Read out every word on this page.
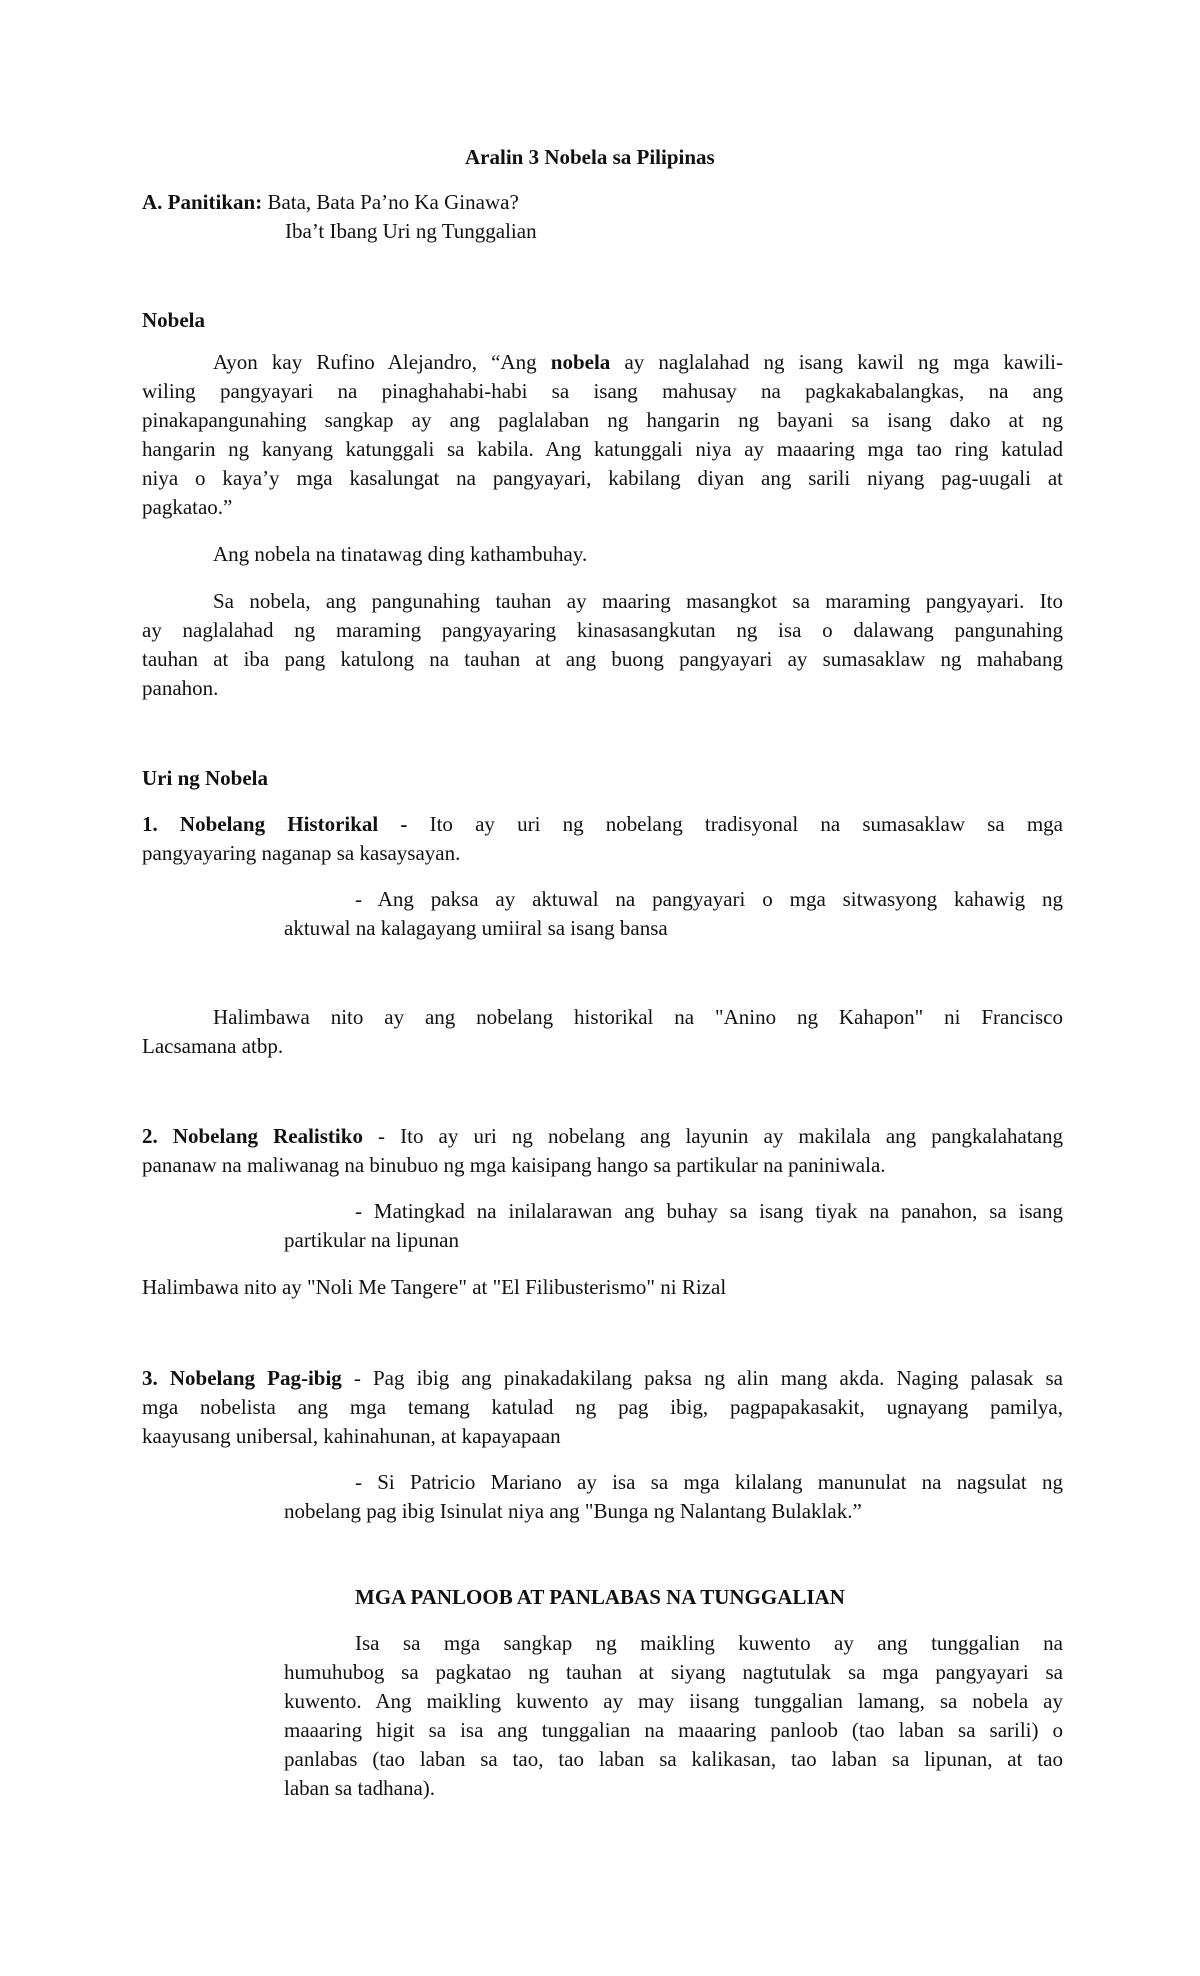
Aralin 3 Nobela sa Pilipinas
A. Panitikan: Bata, Bata Pa’no Ka Ginawa?
Iba’t Ibang Uri ng Tunggalian
Nobela
Ayon kay Rufino Alejandro, “Ang nobela ay naglalahad ng isang kawil ng mga kawili-
wiling pangyayari na pinaghahabi-habi sa isang mahusay na pagkakabalangkas, na ang
pinakapangunahing sangkap ay ang paglalaban ng hangarin ng bayani sa isang dako at ng
hangarin ng kanyang katunggali sa kabila. Ang katunggali niya ay maaaring mga tao ring katulad
niya o kaya’y mga kasalungat na pangyayari, kabilang diyan ang sarili niyang pag-uugali at
pagkatao.”
Ang nobela na tinatawag ding kathambuhay.
Sa nobela, ang pangunahing tauhan ay maaring masangkot sa maraming pangyayari. Ito
ay naglalahad ng maraming pangyayaring kinasasangkutan ng isa o dalawang pangunahing
tauhan at iba pang katulong na tauhan at ang buong pangyayari ay sumasaklaw ng mahabang
panahon.
Uri ng Nobela
1. Nobelang Historikal - Ito ay uri ng nobelang tradisyonal na sumasaklaw sa mga
pangyayaring naganap sa kasaysayan.
- Ang paksa ay aktuwal na pangyayari o mga sitwasyong kahawig ng
aktuwal na kalagayang umiiral sa isang bansa
Halimbawa nito ay ang nobelang historikal na "Anino ng Kahapon" ni Francisco
Lacsamana atbp.
2. Nobelang Realistiko - Ito ay uri ng nobelang ang layunin ay makilala ang pangkalahatang
pananaw na maliwanag na binubuo ng mga kaisipang hango sa partikular na paniniwala.
- Matingkad na inilalarawan ang buhay sa isang tiyak na panahon, sa isang
partikular na lipunan
Halimbawa nito ay "Noli Me Tangere" at "El Filibusterismo" ni Rizal
3. Nobelang Pag-ibig - Pag ibig ang pinakadakilang paksa ng alin mang akda. Naging palasak sa
mga nobelista ang mga temang katulad ng pag ibig, pagpapakasakit, ugnayang pamilya,
kaayusang unibersal, kahinahunan, at kapayapaan
- Si Patricio Mariano ay isa sa mga kilalang manunulat na nagsulat ng
nobelang pag ibig Isinulat niya ang "Bunga ng Nalantang Bulaklak.”
MGA PANLOOB AT PANLABAS NA TUNGGALIAN
Isa sa mga sangkap ng maikling kuwento ay ang tunggalian na
humuhubog sa pagkatao ng tauhan at siyang nagtutulak sa mga pangyayari sa
kuwento. Ang maikling kuwento ay may iisang tunggalian lamang, sa nobela ay
maaaring higit sa isa ang tunggalian na maaaring panloob (tao laban sa sarili) o
panlabas (tao laban sa tao, tao laban sa kalikasan, tao laban sa lipunan, at tao
laban sa tadhana).
